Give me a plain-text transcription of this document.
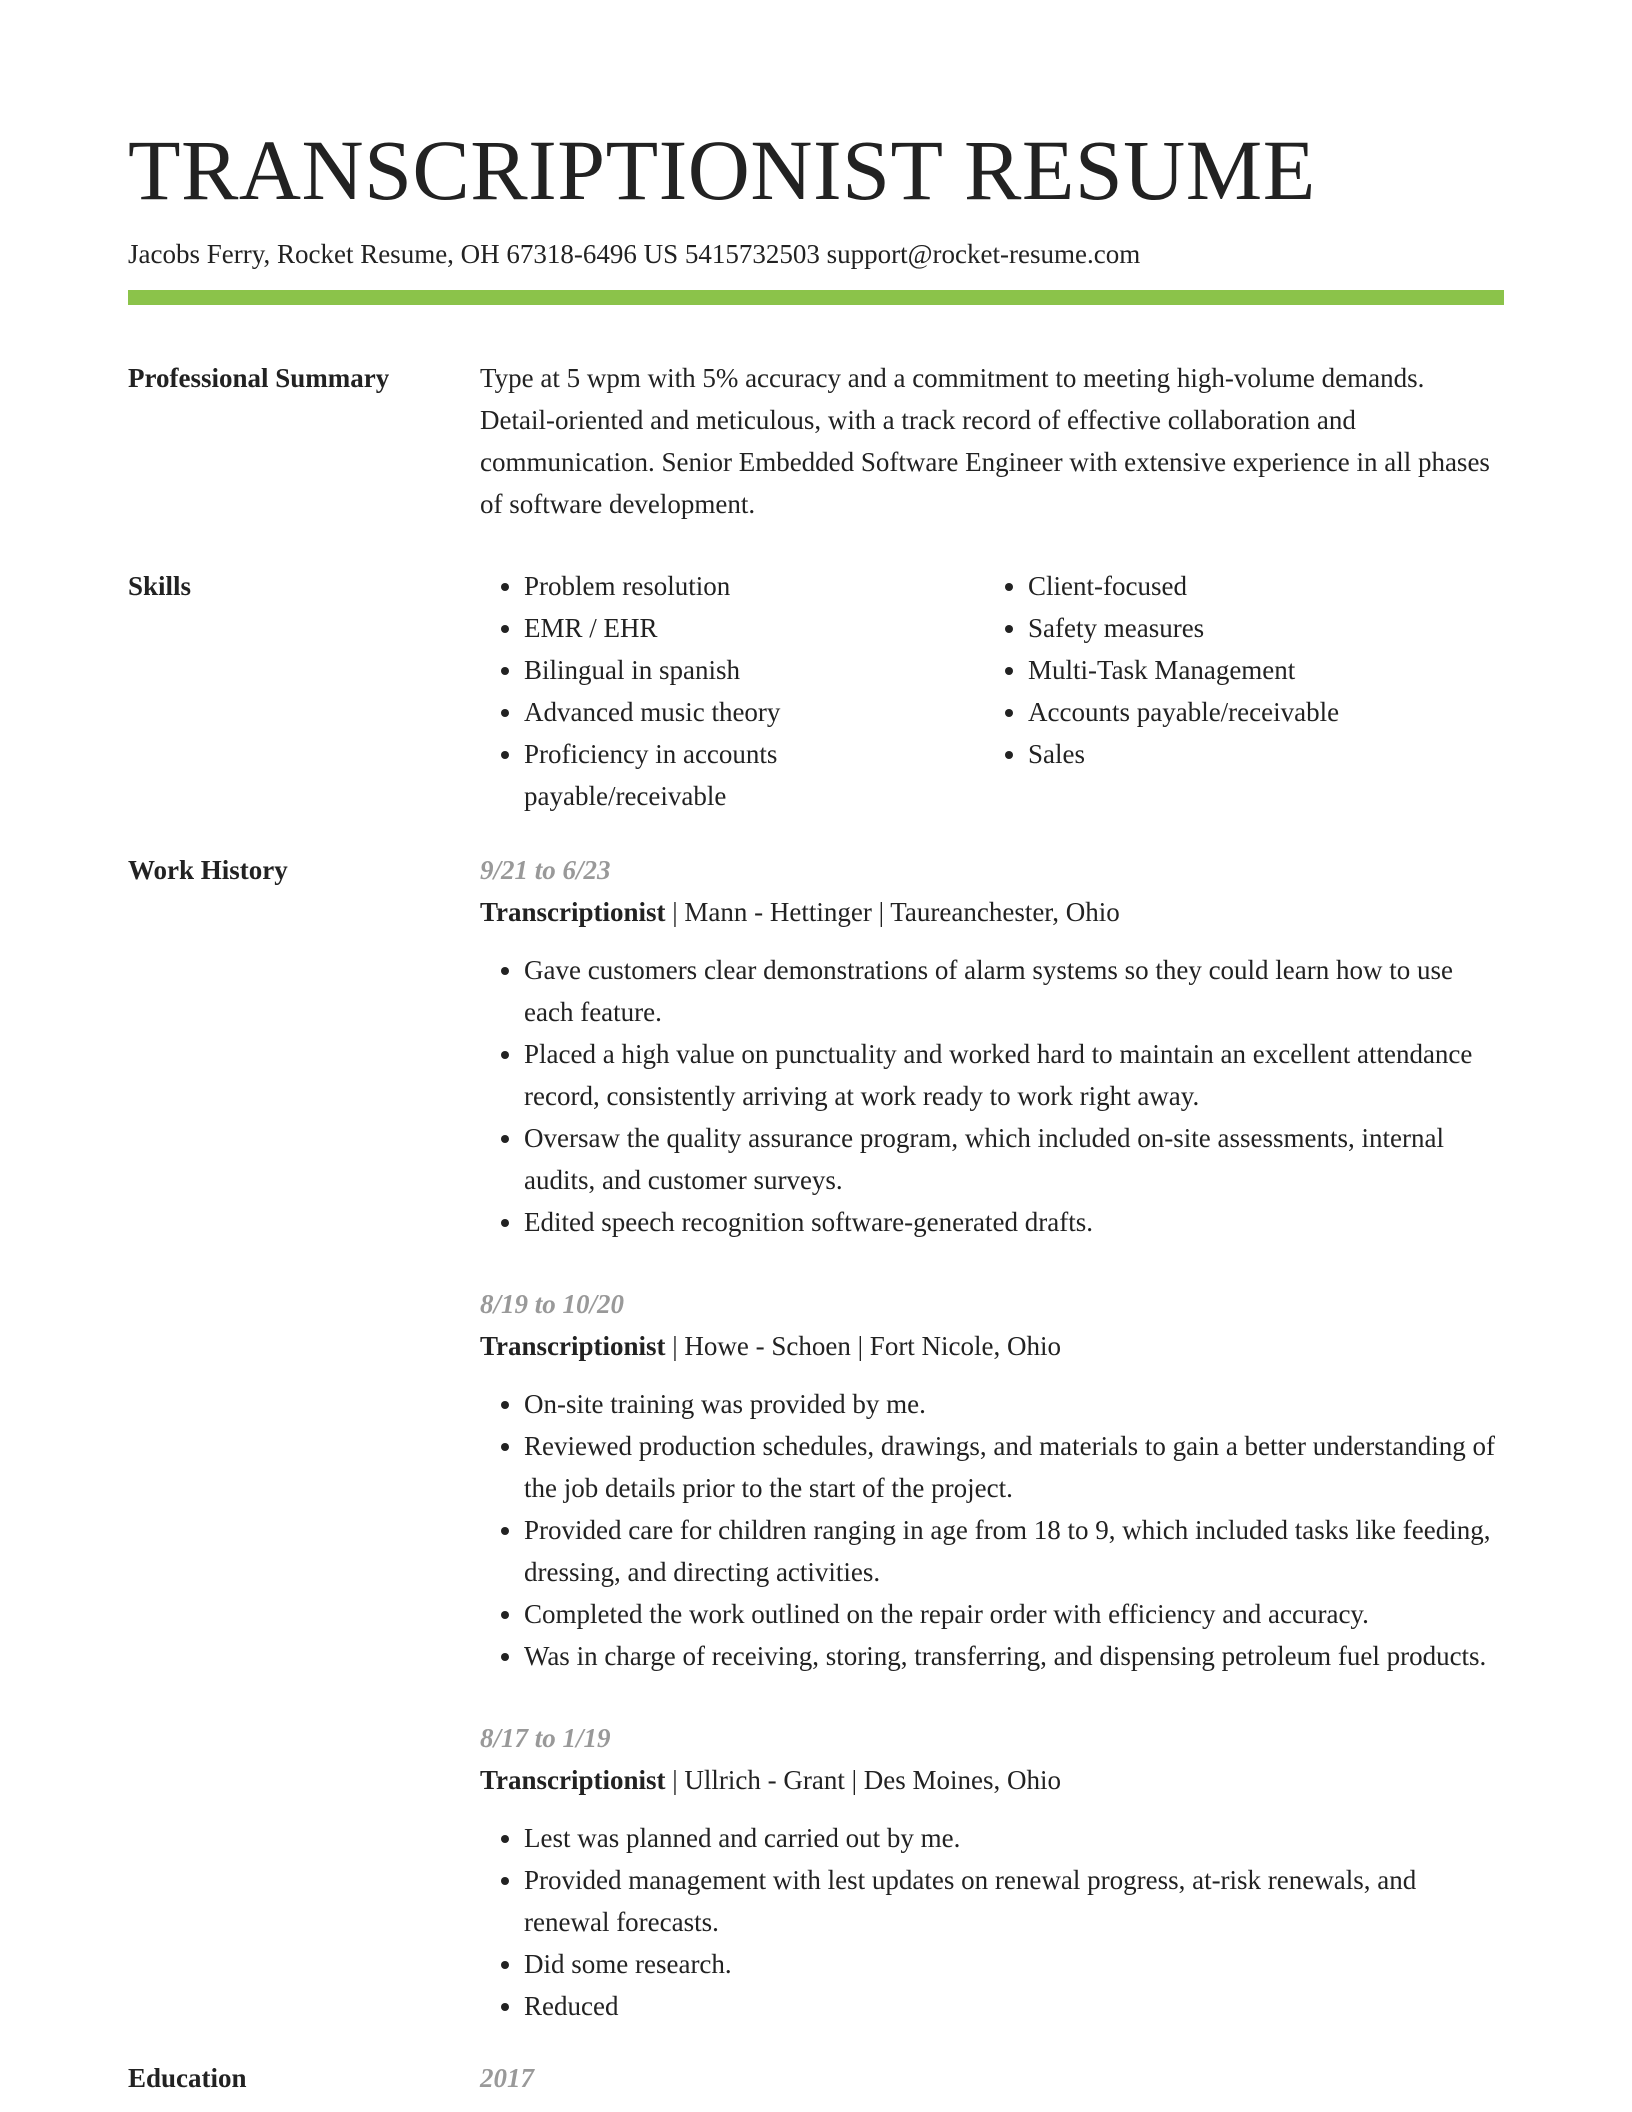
TRANSCRIPTIONIST RESUME
Jacobs Ferry, Rocket Resume, OH 67318-6496 US 5415732503 support@rocket-resume.com
Professional Summary	Type at 5 wpm with 5% accuracy and a commitment to meeting high-volume demands. Detail-oriented and meticulous, with a track record of effective collaboration and communication. Senior Embedded Software Engineer with extensive experience in all phases of software development.

Skills
•	Problem resolution
• EMR / EHR
• Bilingual in spanish
• Advanced music theory
• Proficiency in accounts payable/receivable
• Client-focused
• Safety measures
• Multi-Task Management
• Accounts payable/receivable
• Sales
Work History	9/21 to 6/23
Transcriptionist | Mann - Hettinger | Taureanchester, Ohio
• Gave customers clear demonstrations of alarm systems so they could learn how to use each feature.
• Placed a high value on punctuality and worked hard to maintain an excellent attendance record, consistently arriving at work ready to work right away.
• Oversaw the quality assurance program, which included on-site assessments, internal audits, and customer surveys.
• Edited speech recognition software-generated drafts.
8/19 to 10/20
Transcriptionist | Howe - Schoen | Fort Nicole, Ohio
• On-site training was provided by me.
• Reviewed production schedules, drawings, and materials to gain a better understanding of the job details prior to the start of the project.
• Provided care for children ranging in age from 18 to 9, which included tasks like feeding, dressing, and directing activities.
• Completed the work outlined on the repair order with efficiency and accuracy.
• Was in charge of receiving, storing, transferring, and dispensing petroleum fuel products.
8/17 to 1/19
Transcriptionist | Ullrich - Grant | Des Moines, Ohio
• Lest was planned and carried out by me.
• Provided management with lest updates on renewal progress, at-risk renewals, and renewal forecasts.
• Did some research.
• Reduced
Education	2017
